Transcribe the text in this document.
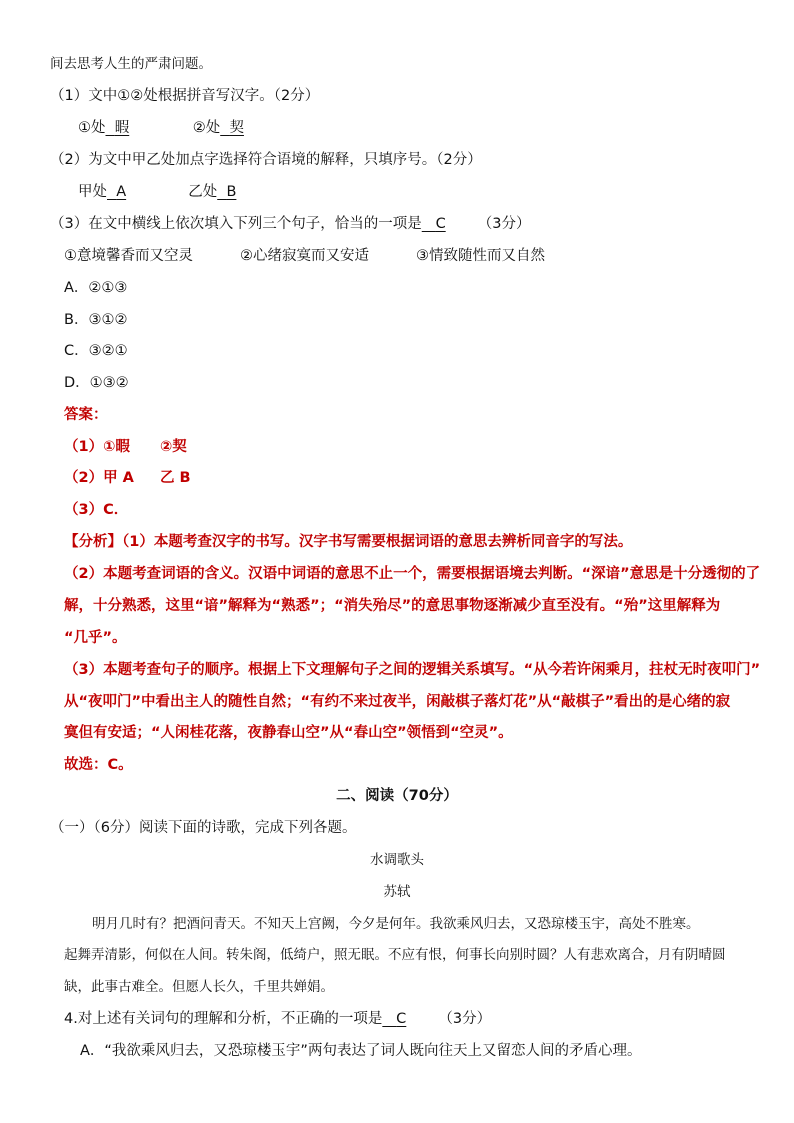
间去思考人生的严肃问题。
（1）文中①②处根据拼音写汉字。（2分）
①处 暇	②处 契
（2）为文中甲乙处加点字选择符合语境的解释，只填序号。（2分）
甲处 A	乙处 B
（3）在文中横线上依次填入下列三个句子，恰当的一项是 C （3分）
①意境馨香而又空灵	②心绪寂寞而又安适	③情致随性而又自然
A．②①③
B．③①②
C．③②①
D．①③②
答案：
（1）①暇 ②契
（2）甲 A 乙 B
（3）C．
【分析】（1）本题考查汉字的书写。汉字书写需要根据词语的意思去辨析同音字的写法。
（2）本题考查词语的含义。汉语中词语的意思不止一个，需要根据语境去判断。“深谙”意思是十分透彻的了
解，十分熟悉，这里“谙”解释为“熟悉”；“消失殆尽”的意思事物逐渐减少直至没有。“殆”这里解释为
“几乎”。
（3）本题考查句子的顺序。根据上下文理解句子之间的逻辑关系填写。“从今若许闲乘月，拄杖无时夜叩门”
从“夜叩门”中看出主人的随性自然；“有约不来过夜半，闲敲棋子落灯花”从“敲棋子”看出的是心绪的寂
寞但有安适；“人闲桂花落，夜静春山空”从“春山空”领悟到“空灵”。
故选：C。
二、阅读（70分）
（一）（6分）阅读下面的诗歌，完成下列各题。
水调歌头
苏轼
明月几时有？把酒问青天。不知天上宫阙，今夕是何年。我欲乘风归去，又恐琼楼玉宇，高处不胜寒。
起舞弄清影，何似在人间。转朱阁，低绮户，照无眠。不应有恨，何事长向别时圆？人有悲欢离合，月有阴晴圆
缺，此事古难全。但愿人长久，千里共婵娟。
4.对上述有关词句的理解和分析，不正确的一项是 C （3分）
A．“我欲乘风归去，又恐琼楼玉宇”两句表达了词人既向往天上又留恋人间的矛盾心理。
